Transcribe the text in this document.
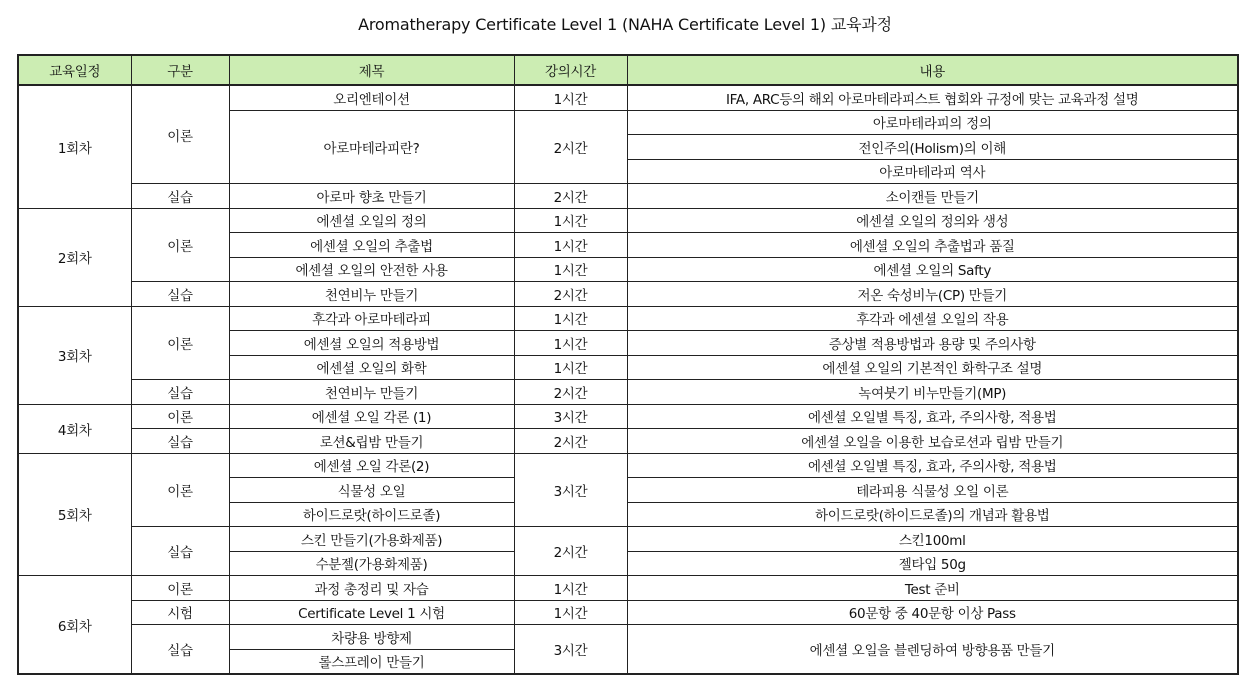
Aromatherapy Certificate Level 1 (NAHA Certificate Level 1) 교육과정
교육일정	구분	제목	강의시간	내용
1회차	이론	오리엔테이션	1시간	IFA, ARC등의 해외 아로마테라피스트 협회와 규정에 맞는 교육과정 설명
		아로마테라피란?	2시간	아로마테라피의 정의
				전인주의(Holism)의 이해
				아로마테라피 역사
	실습	아로마 향초 만들기	2시간	소이캔들 만들기
2회차	이론	에센셜 오일의 정의	1시간	에센셜 오일의 정의와 생성
		에센셜 오일의 추출법	1시간	에센셜 오일의 추출법과 품질
		에센셜 오일의 안전한 사용	1시간	에센셜 오일의 Safty
	실습	천연비누 만들기	2시간	저온 숙성비누(CP) 만들기
3회차	이론	후각과 아로마테라피	1시간	후각과 에센셜 오일의 작용
		에센셜 오일의 적용방법	1시간	증상별 적용방법과 용량 및 주의사항
		에센셜 오일의 화학	1시간	에센셜 오일의 기본적인 화학구조 설명
	실습	천연비누 만들기	2시간	녹여붓기 비누만들기(MP)
4회차	이론	에센셜 오일 각론 (1)	3시간	에센셜 오일별 특징, 효과, 주의사항, 적용법
	실습	로션&립밤 만들기	2시간	에센셜 오일을 이용한 보습로션과 립밤 만들기
5회차	이론	에센셜 오일 각론(2)	3시간	에센셜 오일별 특징, 효과, 주의사항, 적용법
		식물성 오일		테라피용 식물성 오일 이론
		하이드로랏(하이드로졸)		하이드로랏(하이드로졸)의 개념과 활용법
	실습	스킨 만들기(가용화제품)	2시간	스킨100ml
		수분젤(가용화제품)		젤타입 50g
6회차	이론	과정 총정리 및 자습	1시간	Test 준비
	시험	Certificate Level 1 시험	1시간	60문항 중 40문항 이상 Pass
	실습	차량용 방향제	3시간	에센셜 오일을 블렌딩하여 방향용품 만들기
		롤스프레이 만들기		
